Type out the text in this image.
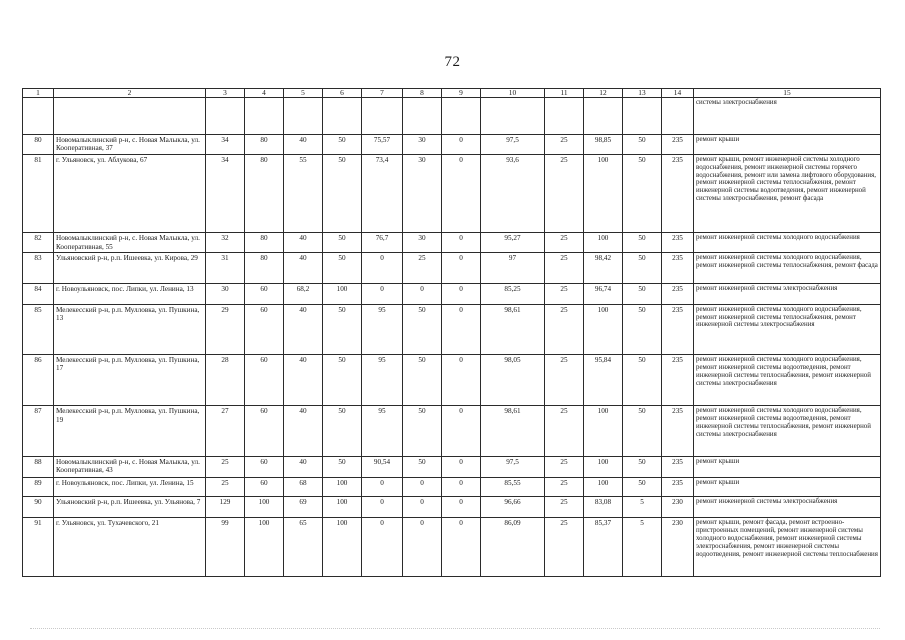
72
1	2	3	4	5	6	7	8	9	10	11	12	13	14	15
														системы электроснабжения
80	Новомалыклинский р-н, с. Новая Малыкла, ул. Кооперативная, 37	34	80	40	50	75,57	30	0	97,5	25	98,85	50	235	ремонт крыши
81	г. Ульяновск, ул. Аблукова, 67	34	80	55	50	73,4	30	0	93,6	25	100	50	235	ремонт крыши, ремонт инженерной системы холодного водоснабжения, ремонт инженерной системы горячего водоснабжения, ремонт или замена лифтового оборудования, ремонт инженерной системы теплоснабжения, ремонт инженерной системы водоотведения, ремонт инженерной системы электроснабжения, ремонт фасада
82	Новомалыклинский р-н, с. Новая Малыкла, ул. Кооперативная, 55	32	80	40	50	76,7	30	0	95,27	25	100	50	235	ремонт инженерной системы холодного водоснабжения
83	Ульяновский р-н, р.п. Ишеевка, ул. Кирова, 29	31	80	40	50	0	25	0	97	25	98,42	50	235	ремонт инженерной системы холодного водоснабжения, ремонт инженерной системы теплоснабжения, ремонт фасада
84	г. Новоульяновск, пос. Липки, ул. Ленина, 13	30	60	68,2	100	0	0	0	85,25	25	96,74	50	235	ремонт инженерной системы электроснабжения
85	Мелекесский р-н, р.п. Мулловка, ул. Пушкина, 13	29	60	40	50	95	50	0	98,61	25	100	50	235	ремонт инженерной системы холодного водоснабжения, ремонт инженерной системы теплоснабжения, ремонт инженерной системы электроснабжения
86	Мелекесский р-н, р.п. Мулловка, ул. Пушкина, 17	28	60	40	50	95	50	0	98,05	25	95,84	50	235	ремонт инженерной системы холодного водоснабжения, ремонт инженерной системы водоотведения, ремонт инженерной системы теплоснабжения, ремонт инженерной системы электроснабжения
87	Мелекесский р-н, р.п. Мулловка, ул. Пушкина, 19	27	60	40	50	95	50	0	98,61	25	100	50	235	ремонт инженерной системы холодного водоснабжения, ремонт инженерной системы водоотведения, ремонт инженерной системы теплоснабжения, ремонт инженерной системы электроснабжения
88	Новомалыклинский р-н, с. Новая Малыкла, ул. Кооперативная, 43	25	60	40	50	90,54	50	0	97,5	25	100	50	235	ремонт крыши
89	г. Новоульяновск, пос. Липки, ул. Ленина, 15	25	60	68	100	0	0	0	85,55	25	100	50	235	ремонт крыши
90	Ульяновский р-н, р.п. Ишеевка, ул. Ульянова, 7	129	100	69	100	0	0	0	96,66	25	83,08	5	230	ремонт инженерной системы электроснабжения
91	г. Ульяновск, ул. Тухачевского, 21	99	100	65	100	0	0	0	86,09	25	85,37	5	230	ремонт крыши, ремонт фасада, ремонт встроенно-пристроенных помещений, ремонт инженерной системы холодного водоснабжения, ремонт инженерной системы электроснабжения, ремонт инженерной системы водоотведения, ремонт инженерной системы теплоснабжения
